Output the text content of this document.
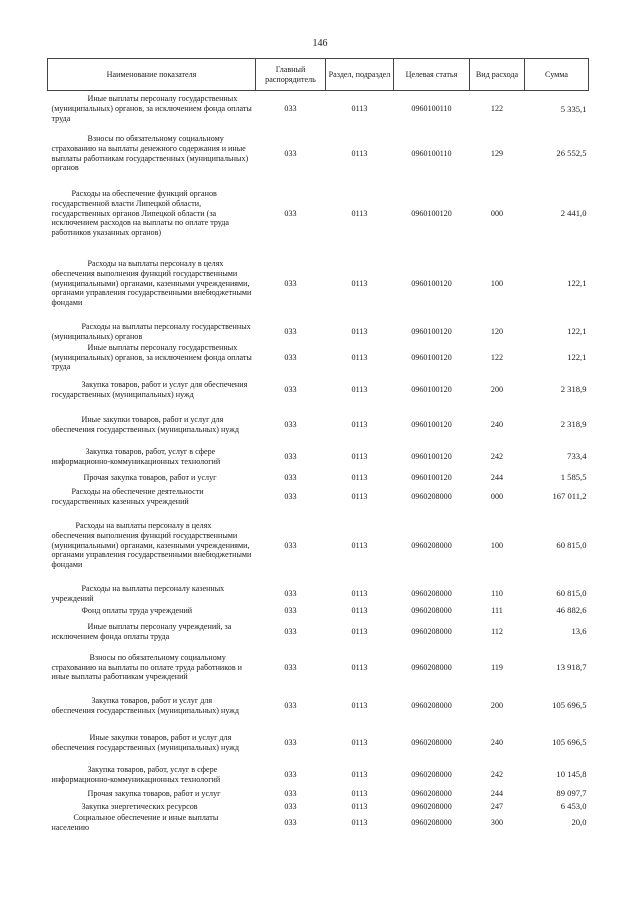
146
Наименование показателя	Главный распорядитель	Раздел, подраздел	Целевая статья	Вид расхода	Сумма

Иные выплаты персоналу государственных (муниципальных) органов, за исключением фонда оплаты труда	033	0113	0960100110	122	5 335,1

Взносы по обязательному социальному страхованию на выплаты денежного содержания и иные выплаты работникам государственных (муниципальных) органов	033	0113	0960100110	129	26 552,5

Расходы на обеспечение функций органов государственной власти Липецкой области, государственных органов Липецкой области (за исключением расходов на выплаты по оплате труда работников указанных органов)	033	0113	0960100120	000	2 441,0

Расходы на выплаты персоналу в целях обеспечения выполнения функций государственными (муниципальными) органами, казенными учреждениями, органами управления государственными внебюджетными фондами	033	0113	0960100120	100	122,1

Расходы на выплаты персоналу государственных (муниципальных) органов	033	0113	0960100120	120	122,1

Иные выплаты персоналу государственных (муниципальных) органов, за исключением фонда оплаты труда	033	0113	0960100120	122	122,1

Закупка товаров, работ и услуг для обеспечения государственных (муниципальных) нужд	033	0113	0960100120	200	2 318,9

Иные закупки товаров, работ и услуг для обеспечения государственных (муниципальных) нужд	033	0113	0960100120	240	2 318,9

Закупка товаров, работ, услуг в сфере информационно-коммуникационных технологий	033	0113	0960100120	242	733,4

Прочая закупка товаров, работ и услуг	033	0113	0960100120	244	1 585,5

Расходы на обеспечение деятельности государственных казенных учреждений	033	0113	0960208000	000	167 011,2

Расходы на выплаты персоналу в целях обеспечения выполнения функций государственными (муниципальными) органами, казенными учреждениями, органами управления государственными внебюджетными фондами	033	0113	0960208000	100	60 815,0

Расходы на выплаты персоналу казенных учреждений	033	0113	0960208000	110	60 815,0

Фонд оплаты труда учреждений	033	0113	0960208000	111	46 882,6

Иные выплаты персоналу учреждений, за исключением фонда оплаты труда	033	0113	0960208000	112	13,6

Взносы по обязательному социальному страхованию на выплаты по оплате труда работников и иные выплаты работникам учреждений	033	0113	0960208000	119	13 918,7

Закупка товаров, работ и услуг для обеспечения государственных (муниципальных) нужд	033	0113	0960208000	200	105 696,5

Иные закупки товаров, работ и услуг для обеспечения государственных (муниципальных) нужд	033	0113	0960208000	240	105 696,5

Закупка товаров, работ, услуг в сфере информационно-коммуникационных технологий	033	0113	0960208000	242	10 145,8

Прочая закупка товаров, работ и услуг	033	0113	0960208000	244	89 097,7

Закупка энергетических ресурсов	033	0113	0960208000	247	6 453,0

Социальное обеспечение и иные выплаты населению	033	0113	0960208000	300	20,0
